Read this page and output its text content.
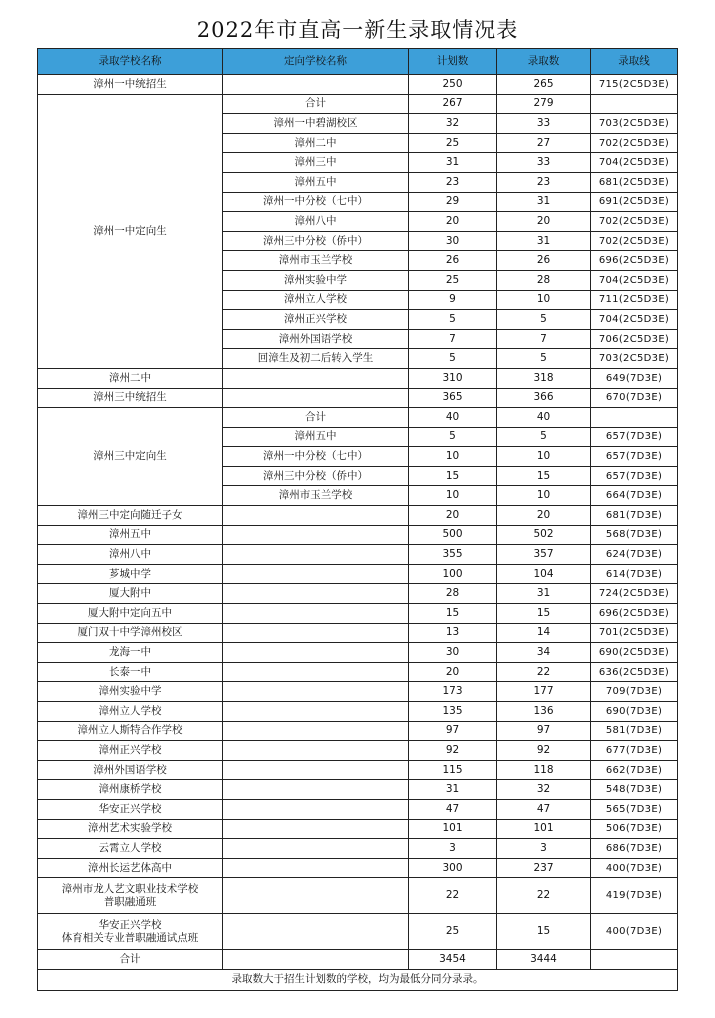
2022年市直高一新生录取情况表
录取学校名称	定向学校名称	计划数	录取数	录取线
漳州一中统招生		250	265	715(2C5D3E)
漳州一中定向生	合计	267	279	
	漳州一中碧湖校区	32	33	703(2C5D3E)
	漳州二中	25	27	702(2C5D3E)
	漳州三中	31	33	704(2C5D3E)
	漳州五中	23	23	681(2C5D3E)
	漳州一中分校（七中）	29	31	691(2C5D3E)
	漳州八中	20	20	702(2C5D3E)
	漳州三中分校（侨中）	30	31	702(2C5D3E)
	漳州市玉兰学校	26	26	696(2C5D3E)
	漳州实验中学	25	28	704(2C5D3E)
	漳州立人学校	9	10	711(2C5D3E)
	漳州正兴学校	5	5	704(2C5D3E)
	漳州外国语学校	7	7	706(2C5D3E)
	回漳生及初二后转入学生	5	5	703(2C5D3E)
漳州二中		310	318	649(7D3E)
漳州三中统招生		365	366	670(7D3E)
漳州三中定向生	合计	40	40	
	漳州五中	5	5	657(7D3E)
	漳州一中分校（七中）	10	10	657(7D3E)
	漳州三中分校（侨中）	15	15	657(7D3E)
	漳州市玉兰学校	10	10	664(7D3E)
漳州三中定向随迁子女		20	20	681(7D3E)
漳州五中		500	502	568(7D3E)
漳州八中		355	357	624(7D3E)
芗城中学		100	104	614(7D3E)
厦大附中		28	31	724(2C5D3E)
厦大附中定向五中		15	15	696(2C5D3E)
厦门双十中学漳州校区		13	14	701(2C5D3E)
龙海一中		30	34	690(2C5D3E)
长泰一中		20	22	636(2C5D3E)
漳州实验中学		173	177	709(7D3E)
漳州立人学校		135	136	690(7D3E)
漳州立人斯特合作学校		97	97	581(7D3E)
漳州正兴学校		92	92	677(7D3E)
漳州外国语学校		115	118	662(7D3E)
漳州康桥学校		31	32	548(7D3E)
华安正兴学校		47	47	565(7D3E)
漳州艺术实验学校		101	101	506(7D3E)
云霄立人学校		3	3	686(7D3E)
漳州长运艺体高中		300	237	400(7D3E)
漳州市龙人艺文职业技术学校
普职融通班		22	22	419(7D3E)
华安正兴学校
体育相关专业普职融通试点班		25	15	400(7D3E)
合计		3454	3444	
录取数大于招生计划数的学校，均为最低分同分录录。				
